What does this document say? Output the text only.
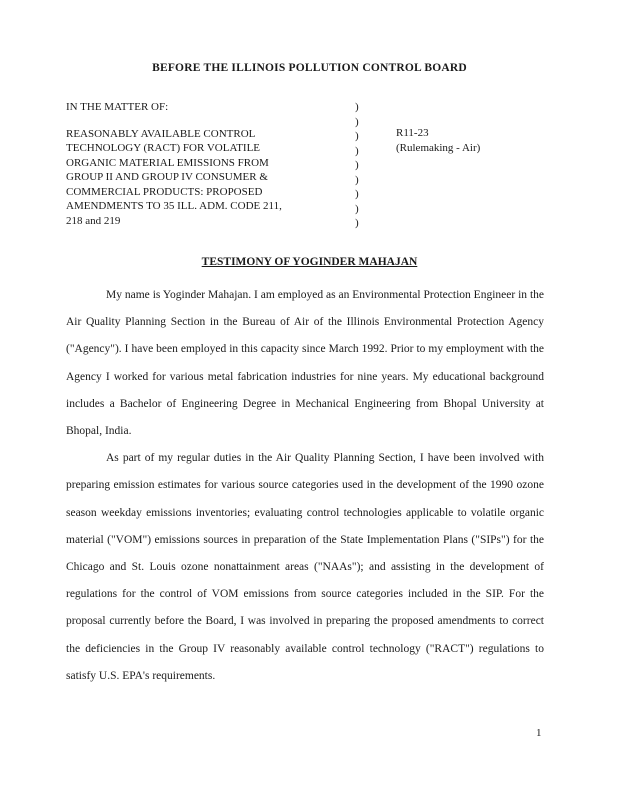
BEFORE THE ILLINOIS POLLUTION CONTROL BOARD
IN THE MATTER OF:
REASONABLY AVAILABLE CONTROL
TECHNOLOGY (RACT) FOR VOLATILE
ORGANIC MATERIAL EMISSIONS FROM
GROUP II AND GROUP IV CONSUMER &
COMMERCIAL PRODUCTS: PROPOSED
AMENDMENTS TO 35 ILL. ADM. CODE 211,
218 and 219
)
)
)
)
)
)
)
)
)
R11-23
(Rulemaking - Air)
TESTIMONY OF YOGINDER MAHAJAN

My name is Yoginder Mahajan. I am employed as an Environmental Protection Engineer in the Air Quality Planning Section in the Bureau of Air of the Illinois Environmental Protection Agency ("Agency"). I have been employed in this capacity since March 1992. Prior to my employment with the Agency I worked for various metal fabrication industries for nine years. My educational background includes a Bachelor of Engineering Degree in Mechanical Engineering from Bhopal University at Bhopal, India.

As part of my regular duties in the Air Quality Planning Section, I have been involved with preparing emission estimates for various source categories used in the development of the 1990 ozone season weekday emissions inventories; evaluating control technologies applicable to volatile organic material ("VOM") emissions sources in preparation of the State Implementation Plans ("SIPs") for the Chicago and St. Louis ozone nonattainment areas ("NAAs"); and assisting in the development of regulations for the control of VOM emissions from source categories included in the SIP. For the proposal currently before the Board, I was involved in preparing the proposed amendments to correct the deficiencies in the Group IV reasonably available control technology ("RACT") regulations to satisfy U.S. EPA's requirements.

1
